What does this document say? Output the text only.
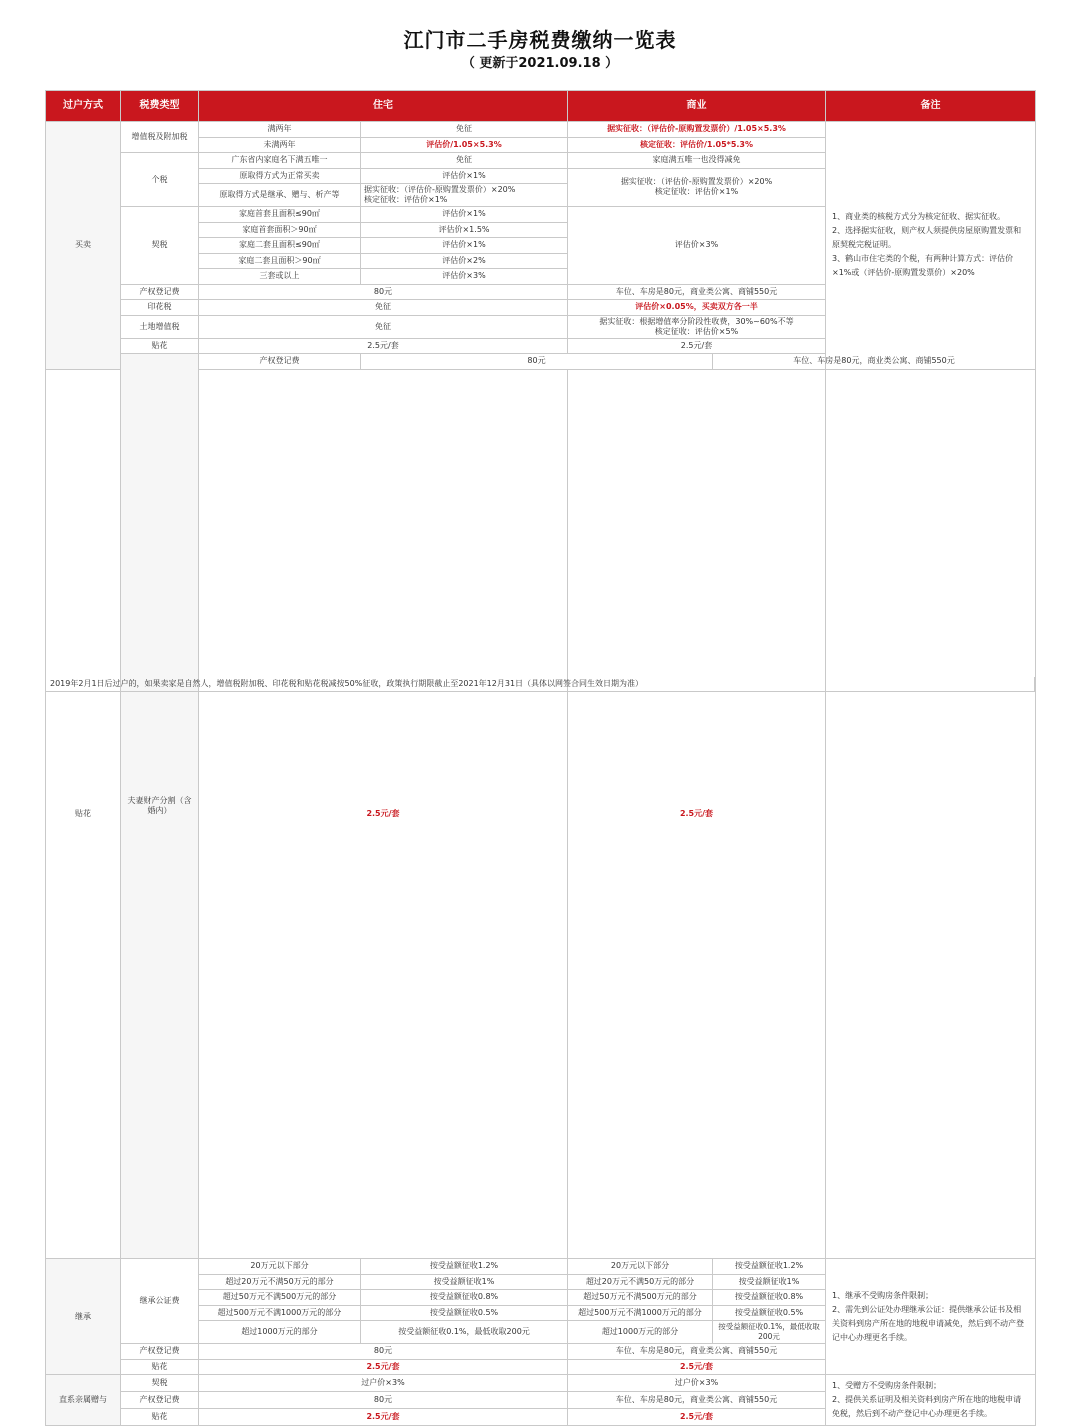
江门市二手房税费缴纳一览表
（ 更新于2021.09.18 ）
过户方式	税费类型	住宅		商业		备注	
买卖	增值税及附加税	满两年	免征	据实征收：（评估价-原购置发票价）/1.05×5.3%		1、商业类的核税方式分为核定征收、据实征收。
2、选择据实征收，则产权人须提供房屋原购置发票和原契税完税证明。
3、鹤山市住宅类的个税，有两种计算方式：评估价×1%或（评估价-原购置发票价）×20%	

		未满两年	评估价/1.05×5.3%	核定征收：评估价/1.05*5.3%			
	个税	广东省内家庭名下满五唯一	免征	家庭满五唯一也没得减免			
		原取得方式为正常买卖	评估价×1%	据实征收：（评估价-原购置发票价）×20%
核定征收：评估价×1%			

		原取得方式是继承、赠与、析产等	据实征收：（评估价-原购置发票价）×20%
核定征收：评估价×1%				

	契税	家庭首套且面积≤90㎡	评估价×1%	评估价×3%			
		家庭首套面积＞90㎡	评估价×1.5%				
		家庭二套且面积≤90㎡	评估价×1%				
		家庭二套且面积＞90㎡	评估价×2%				
		三套或以上	评估价×3%				
	产权登记费	80元		车位、车房是80元，商业类公寓、商铺550元			
	印花税	免征		评估价×0.05%，买卖双方各一半			
	土地增值税	免征		据实征收：根据增值率分阶段性收费，30%~60%不等
核定征收：评估价×5%			

	贴花	2.5元/套		2.5元/套			
	夫妻财产分割（含婚内）	产权登记费	80元		车位、车房是80元，商业类公寓、商铺550元	

贴花		2.5元/套		2.5元/套			

继承	继承公证费	20万元以下部分	按受益额征收1.2%	20万元以下部分	按受益额征收1.2%	1、继承不受购房条件限制；
2、需先到公证处办理继承公证：提供继承公证书及相关资料到房产所在地的地税申请减免，然后到不动产登记中心办理更名手续。	

		超过20万元不满50万元的部分	按受益额征收1%	超过20万元不满50万元的部分	按受益额征收1%		
		超过50万元不满500万元的部分	按受益额征收0.8%	超过50万元不满500万元的部分	按受益额征收0.8%		
		超过500万元不满1000万元的部分	按受益额征收0.5%	超过500万元不满1000万元的部分	按受益额征收0.5%		
		超过1000万元的部分	按受益额征收0.1%，最低收取200元	超过1000万元的部分	按受益额征收0.1%，最低收取200元		

	产权登记费	80元		车位、车房是80元，商业类公寓、商铺550元			
	贴花	2.5元/套		2.5元/套			
直系亲属赠与	契税	过户价×3%		过户价×3%		1、受赠方不受购房条件限制；
2、提供关系证明及相关资料到房产所在地的地税申请免税，然后到不动产登记中心办理更名手续。	

	产权登记费	80元		车位、车房是80元，商业类公寓、商铺550元			
	贴花	2.5元/套		2.5元/套			
2019年2月1日后过户的，如果卖家是自然人，增值税附加税、印花税和贴花税减按50%征收，政策执行期限截止至2021年12月31日（具体以网签合同生效日期为准）
